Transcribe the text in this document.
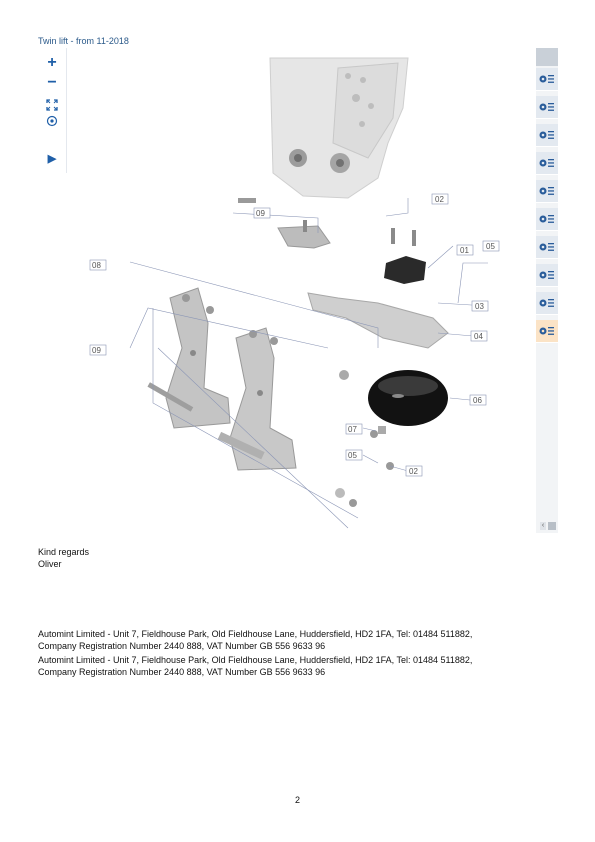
Twin lift - from 11-2018
+
−
▶
09
02
01 05
08
03
04
06
07
05
02
09
‹
Kind regards
Oliver
Automint Limited - Unit 7, Fieldhouse Park, Old Fieldhouse Lane, Huddersfield, HD2 1FA, Tel: 01484 511882,
Company Registration Number 2440 888, VAT Number GB 556 9633 96
Automint Limited - Unit 7, Fieldhouse Park, Old Fieldhouse Lane, Huddersfield, HD2 1FA, Tel: 01484 511882,
Company Registration Number 2440 888, VAT Number GB 556 9633 96
2
